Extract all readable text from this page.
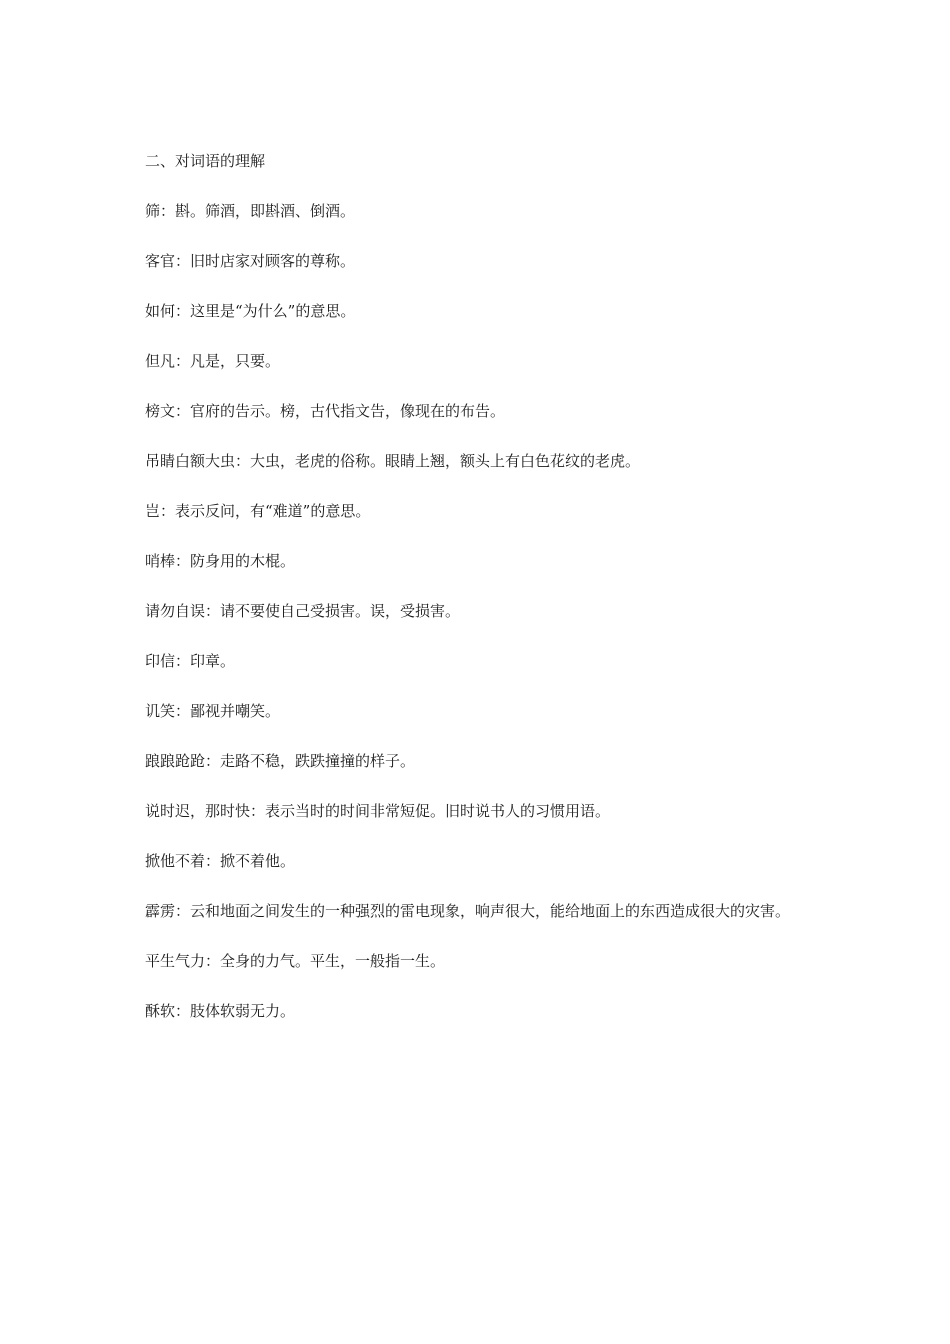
二、对词语的理解

筛：斟。筛酒，即斟酒、倒酒。

客官：旧时店家对顾客的尊称。

如何：这里是“为什么”的意思。

但凡：凡是，只要。

榜文：官府的告示。榜，古代指文告，像现在的布告。

吊睛白额大虫：大虫，老虎的俗称。眼睛上翘，额头上有白色花纹的老虎。

岂：表示反问，有“难道”的意思。

哨棒：防身用的木棍。

请勿自误：请不要使自己受损害。误，受损害。

印信：印章。

讥笑：鄙视并嘲笑。

踉踉跄跄：走路不稳，跌跌撞撞的样子。

说时迟，那时快：表示当时的时间非常短促。旧时说书人的习惯用语。

掀他不着：掀不着他。

霹雳：云和地面之间发生的一种强烈的雷电现象，响声很大，能给地面上的东西造成很大的灾害。

平生气力：全身的力气。平生，一般指一生。

酥软：肢体软弱无力。
